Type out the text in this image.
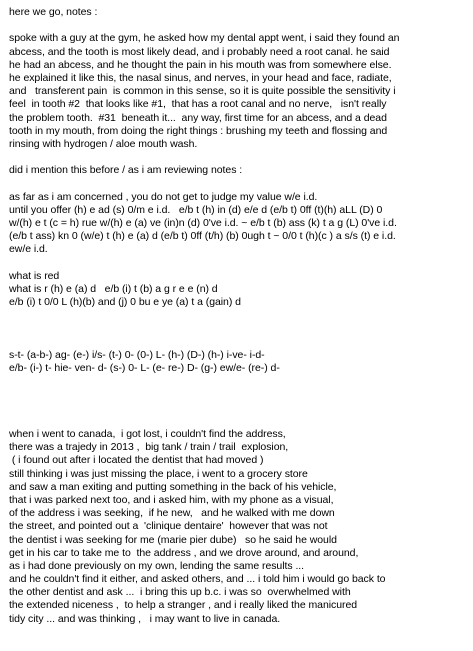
here we go, notes :
spoke with a guy at the gym, he asked how my dental appt went, i said they found an
abcess, and the tooth is most likely dead, and i probably need a root canal. he said
he had an abcess, and he thought the pain in his mouth was from somewhere else.
he explained it like this, the nasal sinus, and nerves, in your head and face, radiate,
and   transferent pain  is common in this sense, so it is quite possible the sensitivity i
feel  in tooth #2  that looks like #1,  that has a root canal and no nerve,   isn't really
the problem tooth.  #31  beneath it...  any way, first time for an abcess, and a dead
tooth in my mouth, from doing the right things : brushing my teeth and flossing and
rinsing with hydrogen / aloe mouth wash.
did i mention this before / as i am reviewing notes :
as far as i am concerned , you do not get to judge my value w/e i.d.
until you offer (h) e ad (s) 0/m e i.d.   e/b t (h) in (d) e/e d (e/b t) 0ff (t)(h) aLL (D) 0
w/(h) e t (c = h) rue w/(h) e (a) ve (in)n (d) 0've i.d. ~ e/b t (b) ass (k) t a g (L) 0've i.d.
(e/b t ass) kn 0 (w/e) t (h) e (a) d (e/b t) 0ff (t/h) (b) 0ugh t ~ 0/0 t (h)(c ) a s/s (t) e i.d.
ew/e i.d.
what is red
what is r (h) e (a) d   e/b (i) t (b) a g r e e (n) d
e/b (i) t 0/0 L (h)(b) and (j) 0 bu e ye (a) t a (gain) d
s-t- (a-b-) ag- (e-) i/s- (t-) 0- (0-) L- (h-) (D-) (h-) i-ve- i-d-
e/b- (i-) t- hie- ven- d- (s-) 0- L- (e- re-) D- (g-) ew/e- (re-) d-
when i went to canada,  i got lost, i couldn't find the address,
there was a trajedy in 2013 ,  big tank / train / trail  explosion,
( i found out after i located the dentist that had moved )
still thinking i was just missing the place, i went to a grocery store
and saw a man exiting and putting something in the back of his vehicle,
that i was parked next too, and i asked him, with my phone as a visual,
of the address i was seeking,  if he new,   and he walked with me down
the street, and pointed out a  'clinique dentaire'  however that was not
the dentist i was seeking for me (marie pier dube)   so he said he would
get in his car to take me to  the address , and we drove around, and around,
as i had done previously on my own, lending the same results ...
and he couldn't find it either, and asked others, and ... i told him i would go back to
the other dentist and ask ...  i bring this up b.c. i was so  overwhelmed with
the extended niceness ,  to help a stranger , and i really liked the manicured
tidy city ... and was thinking ,   i may want to live in canada.
